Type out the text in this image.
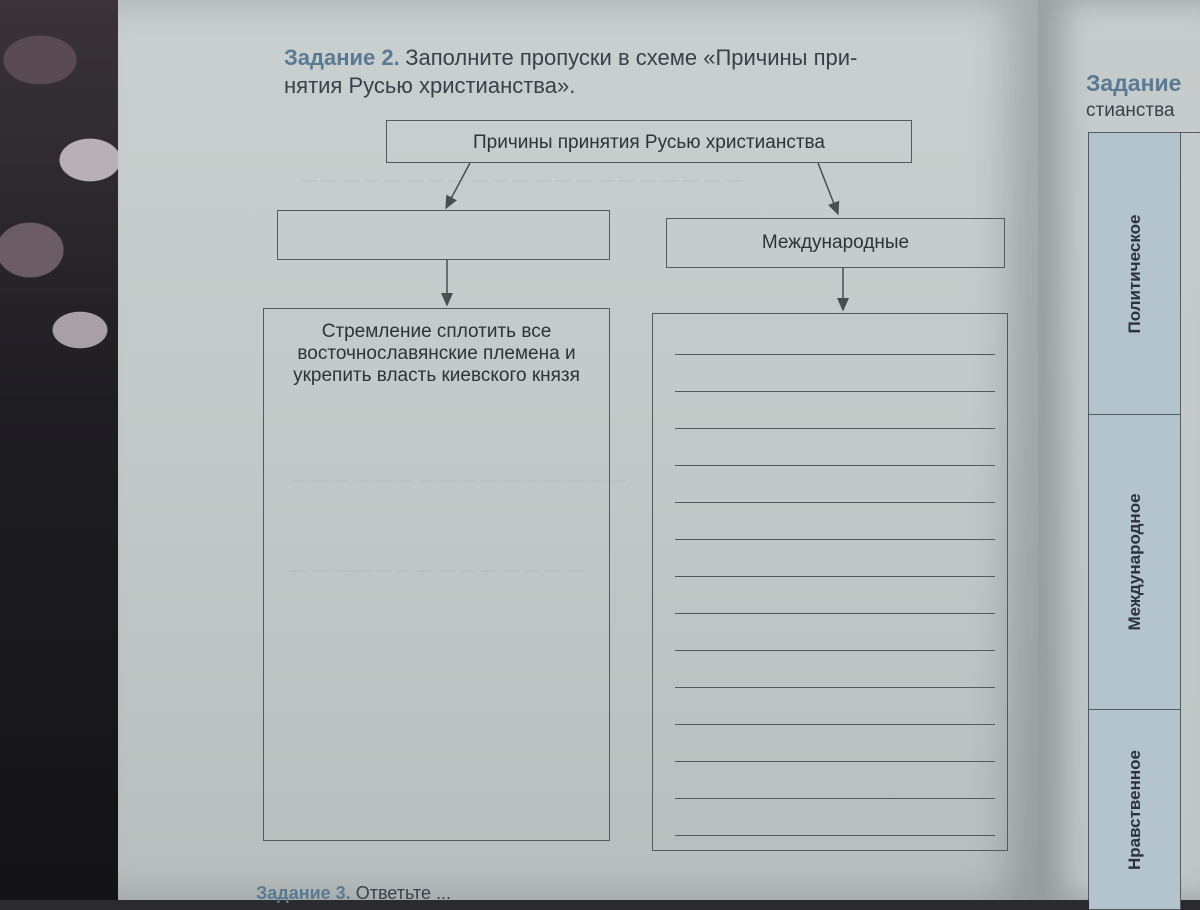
— — — — — — — — — — — — — — — — — — — — —
— — — — — — — — — — — — — — — —
— — — — — — — — — — — — — —
Задание 2. Заполните пропуски в схеме «Причины при-
нятия Русью христианства».
Причины принятия Русью христианства
Международные
Стремление сплотить все восточнославянские племена и укрепить власть киевского князя
Задание
стианства
Политическое
Международное
Нравственное
Задание 3. Ответьте ...
